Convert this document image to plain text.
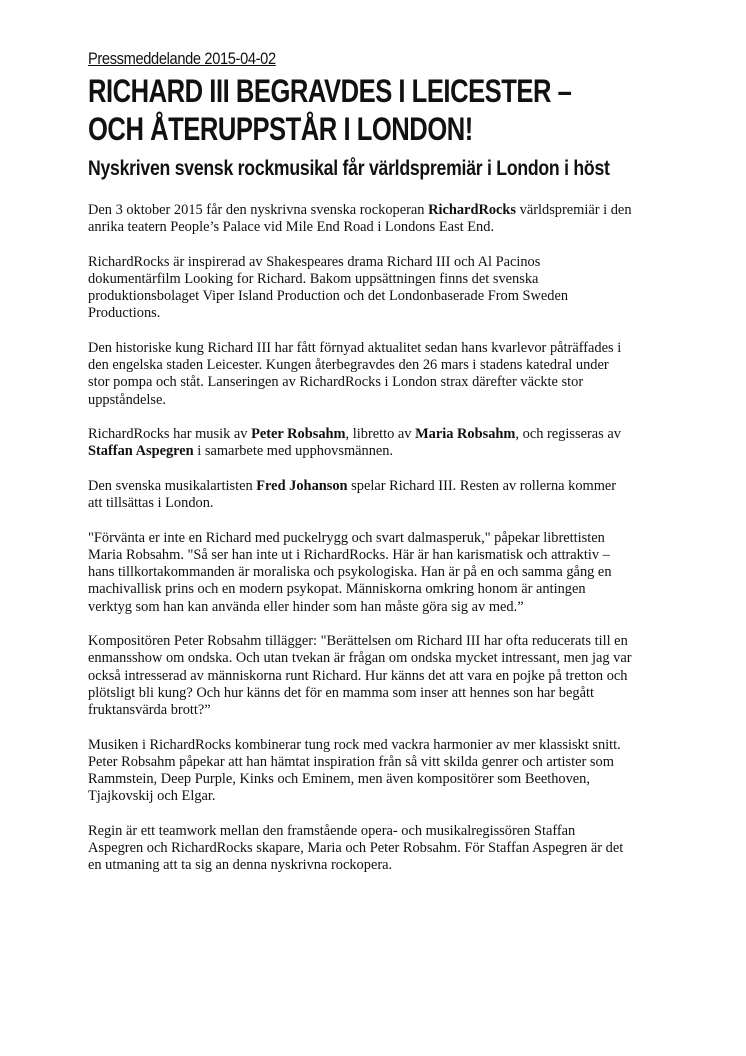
Pressmeddelande 2015-04-02

RICHARD III BEGRAVDES I LEICESTER –
OCH ÅTERUPPSTÅR I LONDON!
Nyskriven svensk rockmusikal får världspremiär i London i höst

Den 3 oktober 2015 får den nyskrivna svenska rockoperan RichardRocks världspremiär i den
anrika teatern People’s Palace vid Mile End Road i Londons East End.

RichardRocks är inspirerad av Shakespeares drama Richard III och Al Pacinos
dokumentärfilm Looking for Richard. Bakom uppsättningen finns det svenska
produktionsbolaget Viper Island Production och det Londonbaserade From Sweden
Productions.

Den historiske kung Richard III har fått förnyad aktualitet sedan hans kvarlevor påträffades i
den engelska staden Leicester. Kungen återbegravdes den 26 mars i stadens katedral under
stor pompa och ståt. Lanseringen av RichardRocks i London strax därefter väckte stor
uppståndelse.

RichardRocks har musik av Peter Robsahm, libretto av Maria Robsahm, och regisseras av
Staffan Aspegren i samarbete med upphovsmännen.

Den svenska musikalartisten Fred Johanson spelar Richard III. Resten av rollerna kommer
att tillsättas i London.

"Förvänta er inte en Richard med puckelrygg och svart dalmasperuk," påpekar librettisten
Maria Robsahm. "Så ser han inte ut i RichardRocks. Här är han karismatisk och attraktiv –
hans tillkortakommanden är moraliska och psykologiska. Han är på en och samma gång en
machivallisk prins och en modern psykopat. Människorna omkring honom är antingen
verktyg som han kan använda eller hinder som han måste göra sig av med.”

Kompositören Peter Robsahm tillägger: "Berättelsen om Richard III har ofta reducerats till en
enmansshow om ondska. Och utan tvekan är frågan om ondska mycket intressant, men jag var
också intresserad av människorna runt Richard. Hur känns det att vara en pojke på tretton och
plötsligt bli kung? Och hur känns det för en mamma som inser att hennes son har begått
fruktansvärda brott?”

Musiken i RichardRocks kombinerar tung rock med vackra harmonier av mer klassiskt snitt.
Peter Robsahm påpekar att han hämtat inspiration från så vitt skilda genrer och artister som
Rammstein, Deep Purple, Kinks och Eminem, men även kompositörer som Beethoven,
Tjajkovskij och Elgar.

Regin är ett teamwork mellan den framstående opera- och musikalregissören Staffan
Aspegren och RichardRocks skapare, Maria och Peter Robsahm. För Staffan Aspegren är det
en utmaning att ta sig an denna nyskrivna rockopera.
